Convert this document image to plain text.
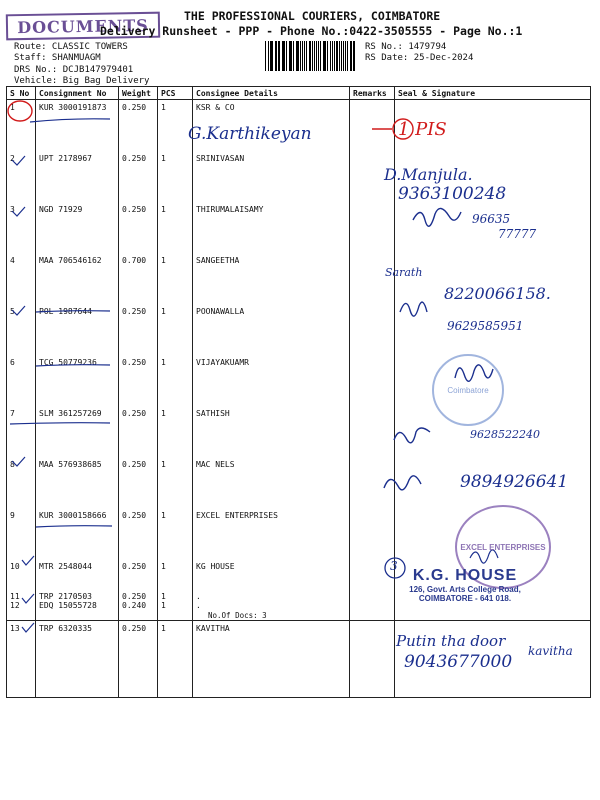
DOCUMENTS	THE PROFESSIONAL COURIERS, COIMBATORE
Delivery Runsheet - PPP - Phone No.:0422-3505555 - Page No.:1
Route: CLASSIC TOWERS
Staff: SHANMUAGM
DRS No.: DCJB147979401
Vehicle: Big Bag Delivery
RS No.: 1479794
RS Date: 25-Dec-2024
S No	Consignment No	Weight	PCS	Consignee Details	Remarks	Seal & Signature
1	KUR 3000191873	0.250	1	KSR & CO		
2	UPT 2178967	0.250	1	SRINIVASAN		
3	NGD 71929	0.250	1	THIRUMALAISAMY		
4	MAA 706546162	0.700	1	SANGEETHA		
5	POL 1987644	0.250	1	POONAWALLA		
6	TCG 50779236	0.250	1	VIJAYAKUAMR		
7	SLM 361257269	0.250	1	SATHISH		
8	MAA 576938685	0.250	1	MAC NELS		
9	KUR 3000158666	0.250	1	EXCEL ENTERPRISES		
10	MTR 2548044	0.250	1	KG HOUSE		
11	TRP 2170503	0.250	1	.		
12	EDQ 15055728	0.240	1	.		
				No.Of Docs: 3		
13	TRP 6320335	0.250	1	KAVITHA		
G.Karthikeyan	1 PIS
D.Manjula.
9363100248
96635
77777
Sarath
8220066158.
9629585951
9628522240
9894926641
3
Putin tha door
kavitha
9043677000
Coimbatore
EXCEL ENTERPRISES
K.G. HOUSE
126, Govt. Arts College Road,
COIMBATORE - 641 018.
